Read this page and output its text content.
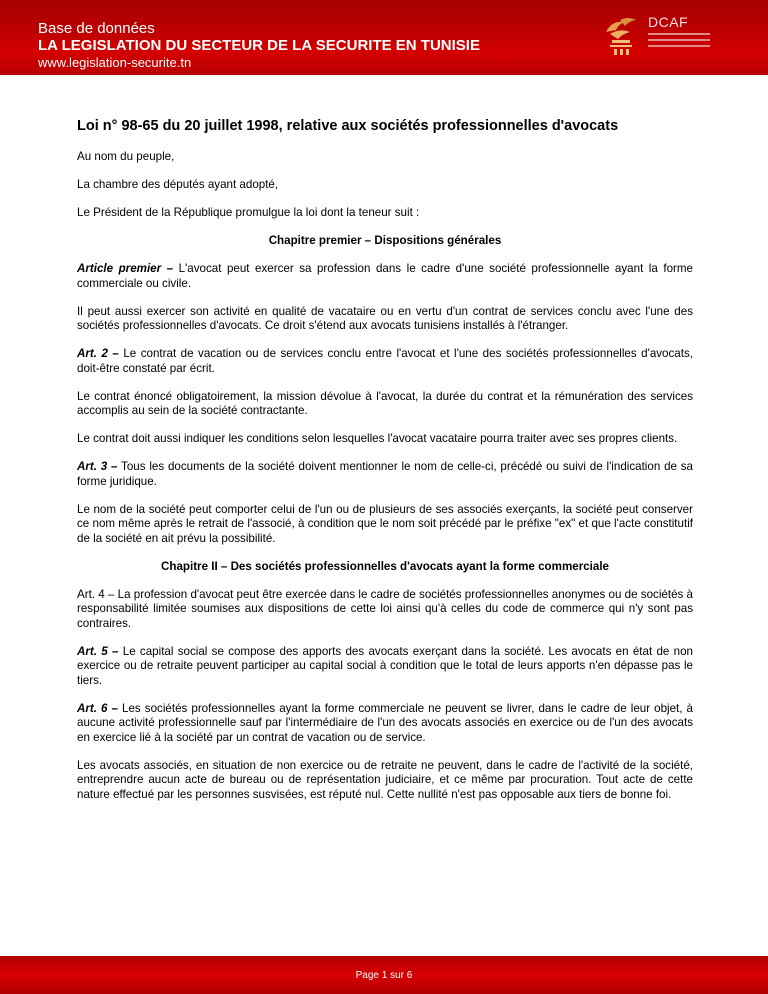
Base de données
LA LEGISLATION DU SECTEUR DE LA SECURITE EN TUNISIE
www.legislation-securite.tn
DCAF
Loi n° 98-65 du 20 juillet 1998, relative aux sociétés professionnelles d'avocats

Au nom du peuple,

La chambre des députés ayant adopté,

Le Président de la République promulgue la loi dont la teneur suit :

Chapitre premier – Dispositions générales

Article premier – L'avocat peut exercer sa profession dans le cadre d'une société professionnelle ayant la forme commerciale ou civile.

Il peut aussi exercer son activité en qualité de vacataire ou en vertu d'un contrat de services conclu avec l'une des sociétés professionnelles d'avocats. Ce droit s'étend aux avocats tunisiens installés à l'étranger.

Art. 2 – Le contrat de vacation ou de services conclu entre l'avocat et l'une des sociétés professionnelles d'avocats, doit-être constaté par écrit.

Le contrat énoncé obligatoirement, la mission dévolue à l'avocat, la durée du contrat et la rémunération des services accomplis au sein de la société contractante.

Le contrat doit aussi indiquer les conditions selon lesquelles l'avocat vacataire pourra traiter avec ses propres clients.

Art. 3 – Tous les documents de la société doivent mentionner le nom de celle-ci, précédé ou suivi de l'indication de sa forme juridique.

Le nom de la société peut comporter celui de l'un ou de plusieurs de ses associés exerçants, la société peut conserver ce nom même après le retrait de l'associé, à condition que le nom soit précédé par le préfixe "ex" et que l'acte constitutif de la société en ait prévu la possibilité.

Chapitre II – Des sociétés professionnelles d'avocats ayant la forme commerciale

Art. 4 – La profession d'avocat peut être exercée dans le cadre de sociétés professionnelles anonymes ou de sociétés à responsabilité limitée soumises aux dispositions de cette loi ainsi qu'à celles du code de commerce qui n'y sont pas contraires.

Art. 5 – Le capital social se compose des apports des avocats exerçant dans la société. Les avocats en état de non exercice ou de retraite peuvent participer au capital social à condition que le total de leurs apports n'en dépasse pas le tiers.

Art. 6 – Les sociétés professionnelles ayant la forme commerciale ne peuvent se livrer, dans le cadre de leur objet, à aucune activité professionnelle sauf par l'intermédiaire de l'un des avocats associés en exercice ou de l'un des avocats en exercice lié à la société par un contrat de vacation ou de service.

Les avocats associés, en situation de non exercice ou de retraite ne peuvent, dans le cadre de l'activité de la société, entreprendre aucun acte de bureau ou de représentation judiciaire, et ce même par procuration. Tout acte de cette nature effectué par les personnes susvisées, est réputé nul. Cette nullité n'est pas opposable aux tiers de bonne foi.

Page 1 sur 6
